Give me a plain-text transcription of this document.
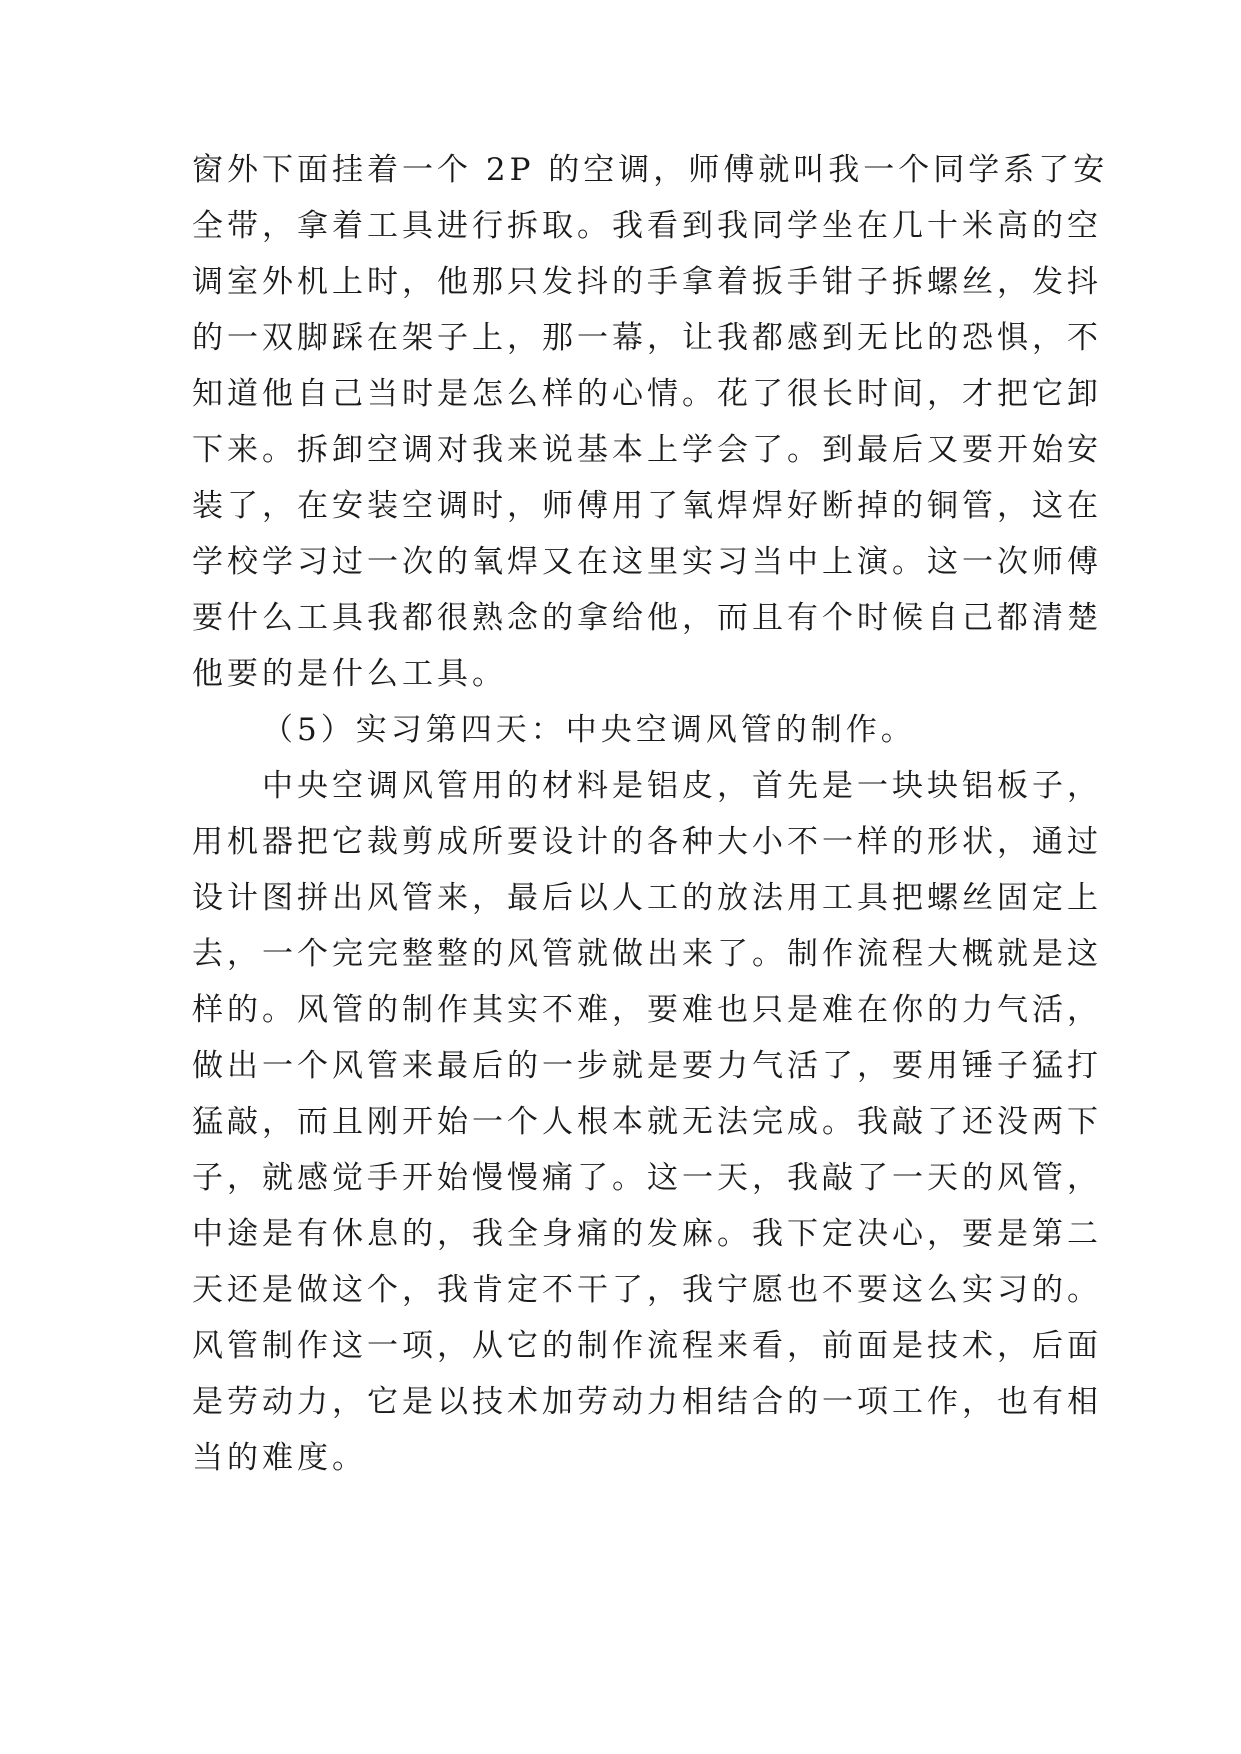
窗外下面挂着一个 2P 的空调，师傅就叫我一个同学系了安
全带，拿着工具进行拆取。我看到我同学坐在几十米高的空
调室外机上时，他那只发抖的手拿着扳手钳子拆螺丝，发抖
的一双脚踩在架子上，那一幕，让我都感到无比的恐惧，不
知道他自己当时是怎么样的心情。花了很长时间，才把它卸
下来。拆卸空调对我来说基本上学会了。到最后又要开始安
装了，在安装空调时，师傅用了氧焊焊好断掉的铜管，这在
学校学习过一次的氧焊又在这里实习当中上演。这一次师傅
要什么工具我都很熟念的拿给他，而且有个时候自己都清楚
他要的是什么工具。
（5）实习第四天：中央空调风管的制作。
中央空调风管用的材料是铝皮，首先是一块块铝板子，
用机器把它裁剪成所要设计的各种大小不一样的形状，通过
设计图拼出风管来，最后以人工的放法用工具把螺丝固定上
去，一个完完整整的风管就做出来了。制作流程大概就是这
样的。风管的制作其实不难，要难也只是难在你的力气活，
做出一个风管来最后的一步就是要力气活了，要用锤子猛打
猛敲，而且刚开始一个人根本就无法完成。我敲了还没两下
子，就感觉手开始慢慢痛了。这一天，我敲了一天的风管，
中途是有休息的，我全身痛的发麻。我下定决心，要是第二
天还是做这个，我肯定不干了，我宁愿也不要这么实习的。
风管制作这一项，从它的制作流程来看，前面是技术，后面
是劳动力，它是以技术加劳动力相结合的一项工作，也有相
当的难度。
